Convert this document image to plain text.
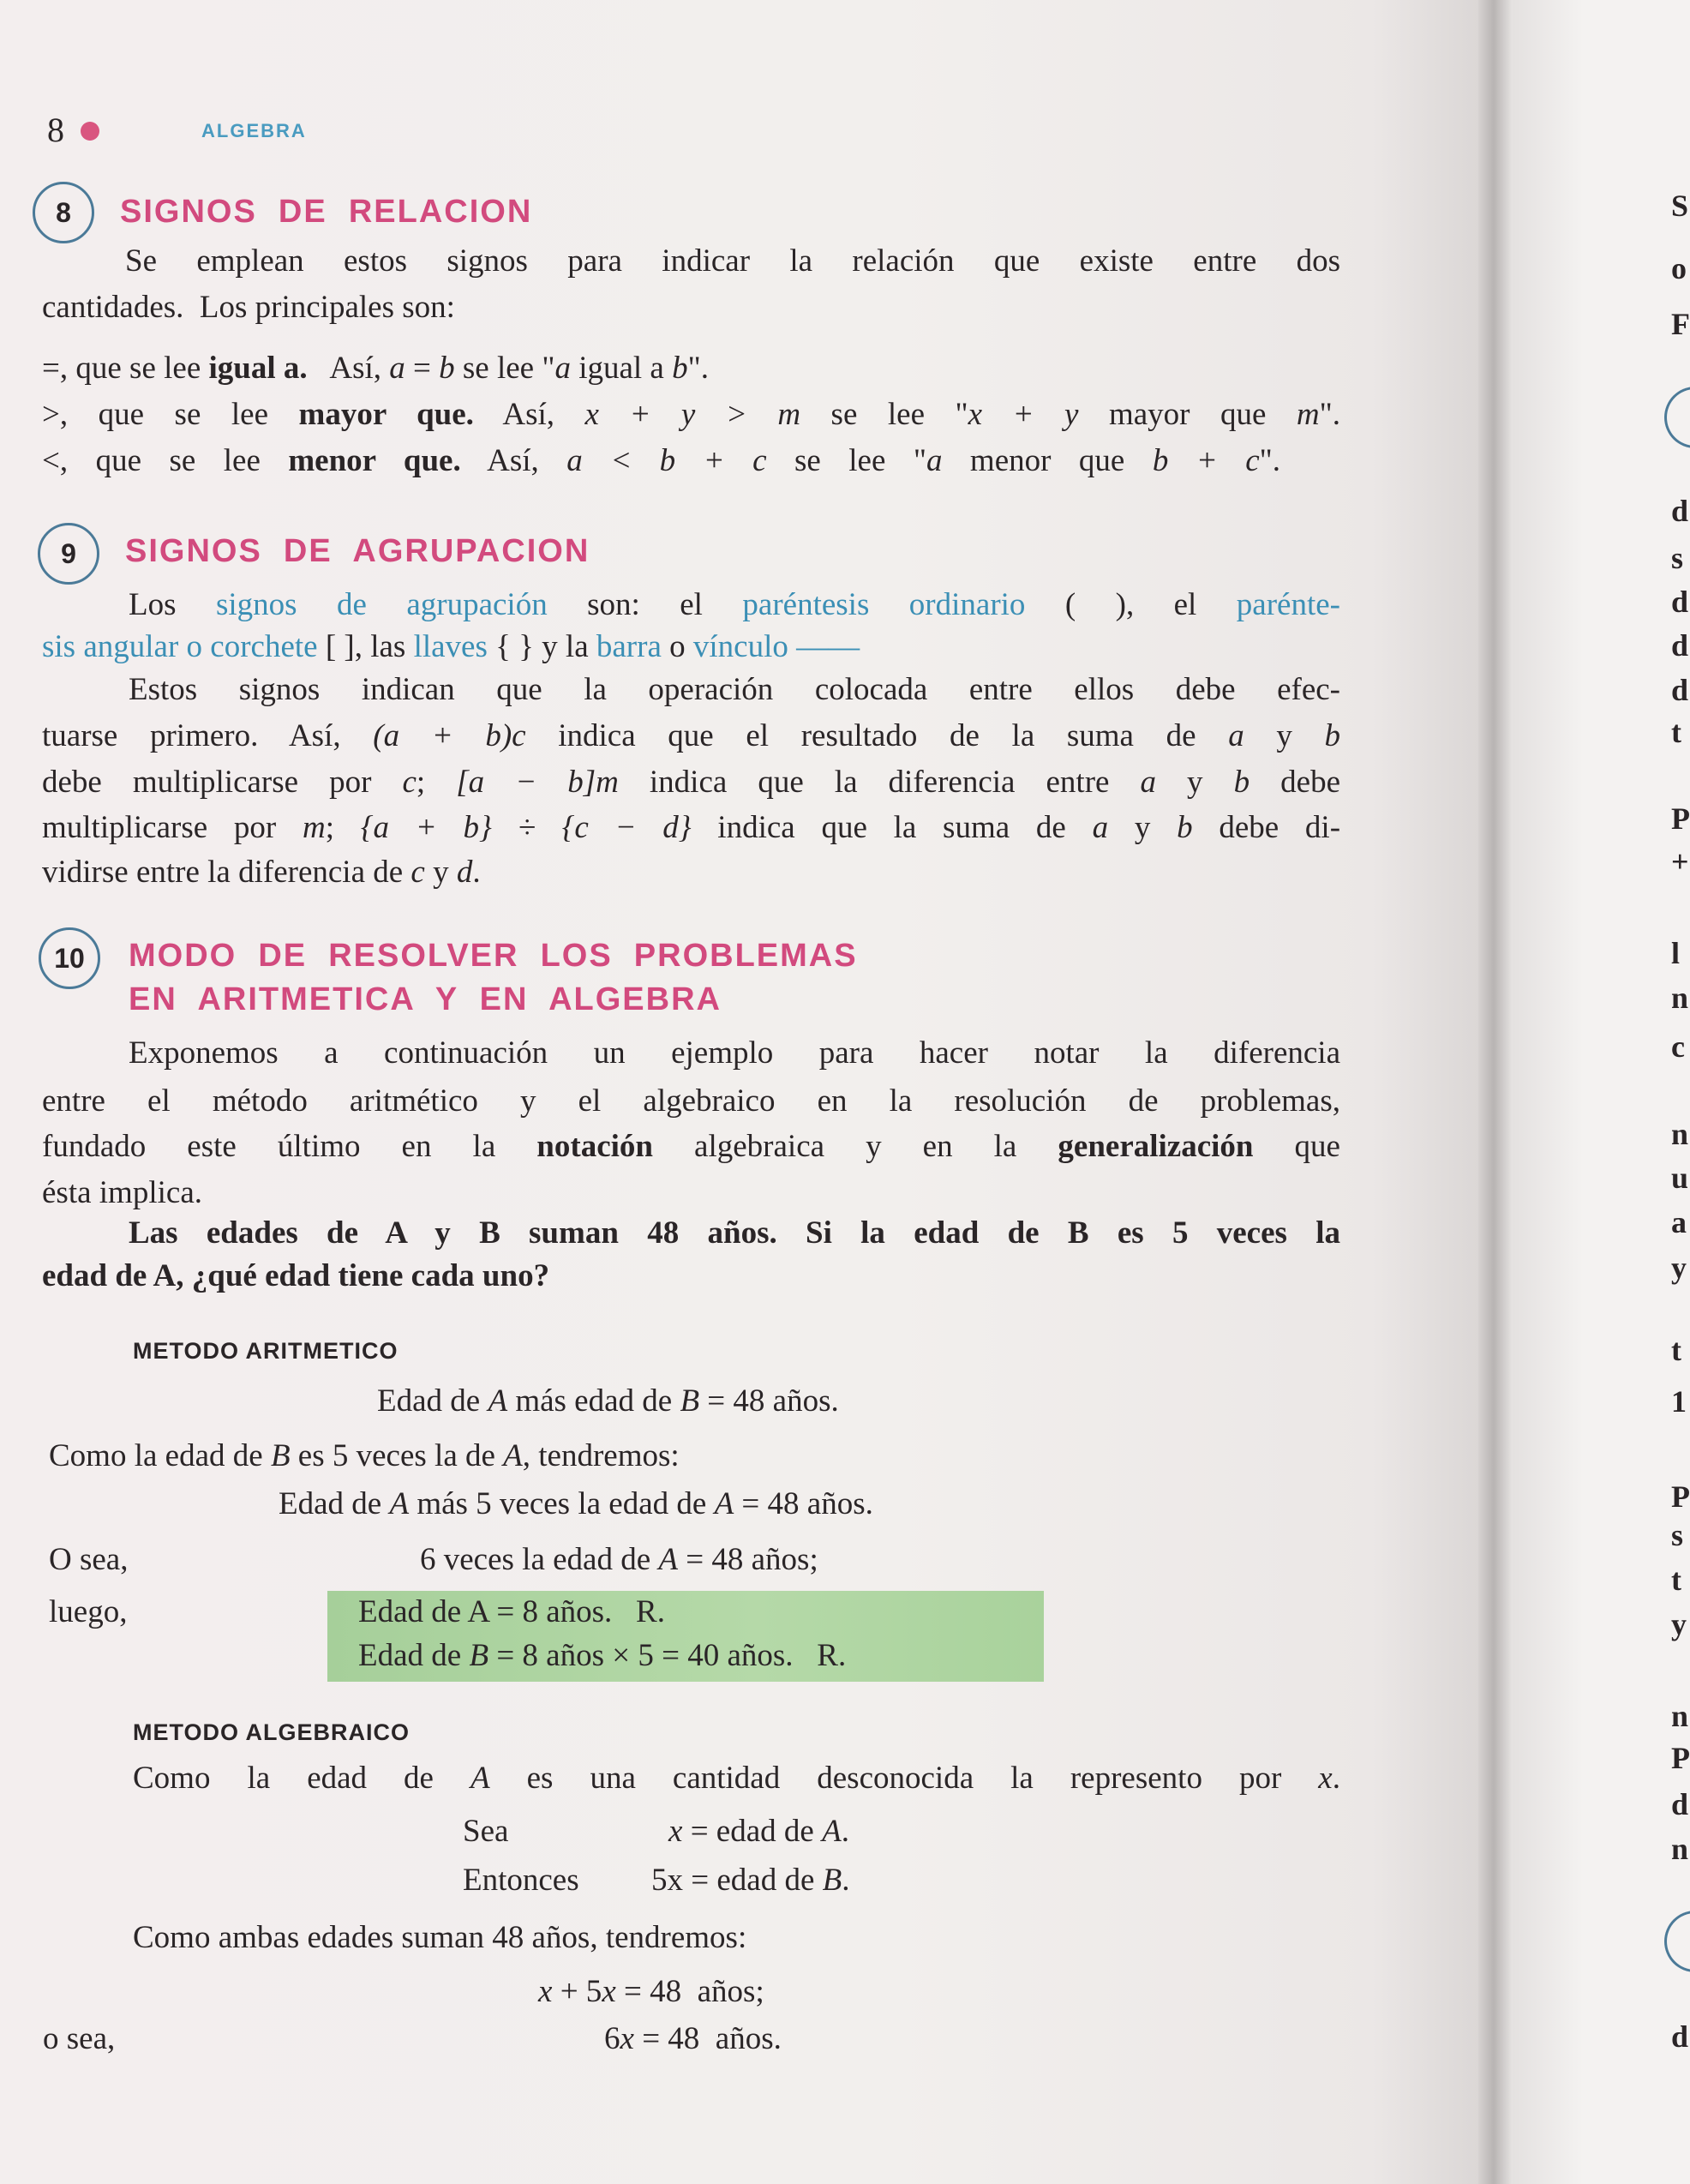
8	ALGEBRA
8	SIGNOS  DE  RELACION
9	SIGNOS  DE  AGRUPACION
10	MODO  DE  RESOLVER  LOS  PROBLEMAS
EN  ARITMETICA  Y  EN  ALGEBRA
METODO ARITMETICO
METODO ALGEBRAICO
Se emplean estos signos para indicar la relación que existe entre dos
cantidades.  Los principales son:
=, que se lee igual a.   Así, a = b se lee "a igual a b".
>, que se lee mayor que. Así, x + y > m se lee "x + y mayor que m".
<, que se lee menor que. Así, a < b + c se lee "a menor que b + c".
Los signos de agrupación son: el paréntesis ordinario ( ), el parénte-
sis angular o corchete [ ], las llaves { } y la barra o vínculo ——
Estos signos indican que la operación colocada entre ellos debe efec-
tuarse primero. Así, (a + b)c indica que el resultado de la suma de a y b
debe multiplicarse por c; [a − b]m indica que la diferencia entre a y b debe
multiplicarse por m; {a + b} ÷ {c − d} indica que la suma de a y b debe di-
vidirse entre la diferencia de c y d.
Exponemos a continuación un ejemplo para hacer notar la diferencia
entre el método aritmético y el algebraico en la resolución de problemas,
fundado este último en la notación algebraica y en la generalización que
ésta implica.
Las edades de A y B suman 48 años. Si la edad de B es 5 veces la
edad de A, ¿qué edad tiene cada uno?
Edad de A más edad de B = 48 años.
Como la edad de B es 5 veces la de A, tendremos:
Edad de A más 5 veces la edad de A = 48 años.
O sea,	6 veces la edad de A = 48 años;
luego,	Edad de A = 8 años.   R.
Edad de B = 8 años × 5 = 40 años.   R.
Como la edad de A es una cantidad desconocida la represento por x.
Sea	x = edad de A.
Entonces 5x = edad de B.
Como ambas edades suman 48 años, tendremos:
x + 5x = 48  años;
o sea,	6x = 48  años.
S
o
F
d
s
d
d
d
t
P
+
l
n
c
n
u
a
y
t
1
P
s
t
y
n
P
d
n
d
